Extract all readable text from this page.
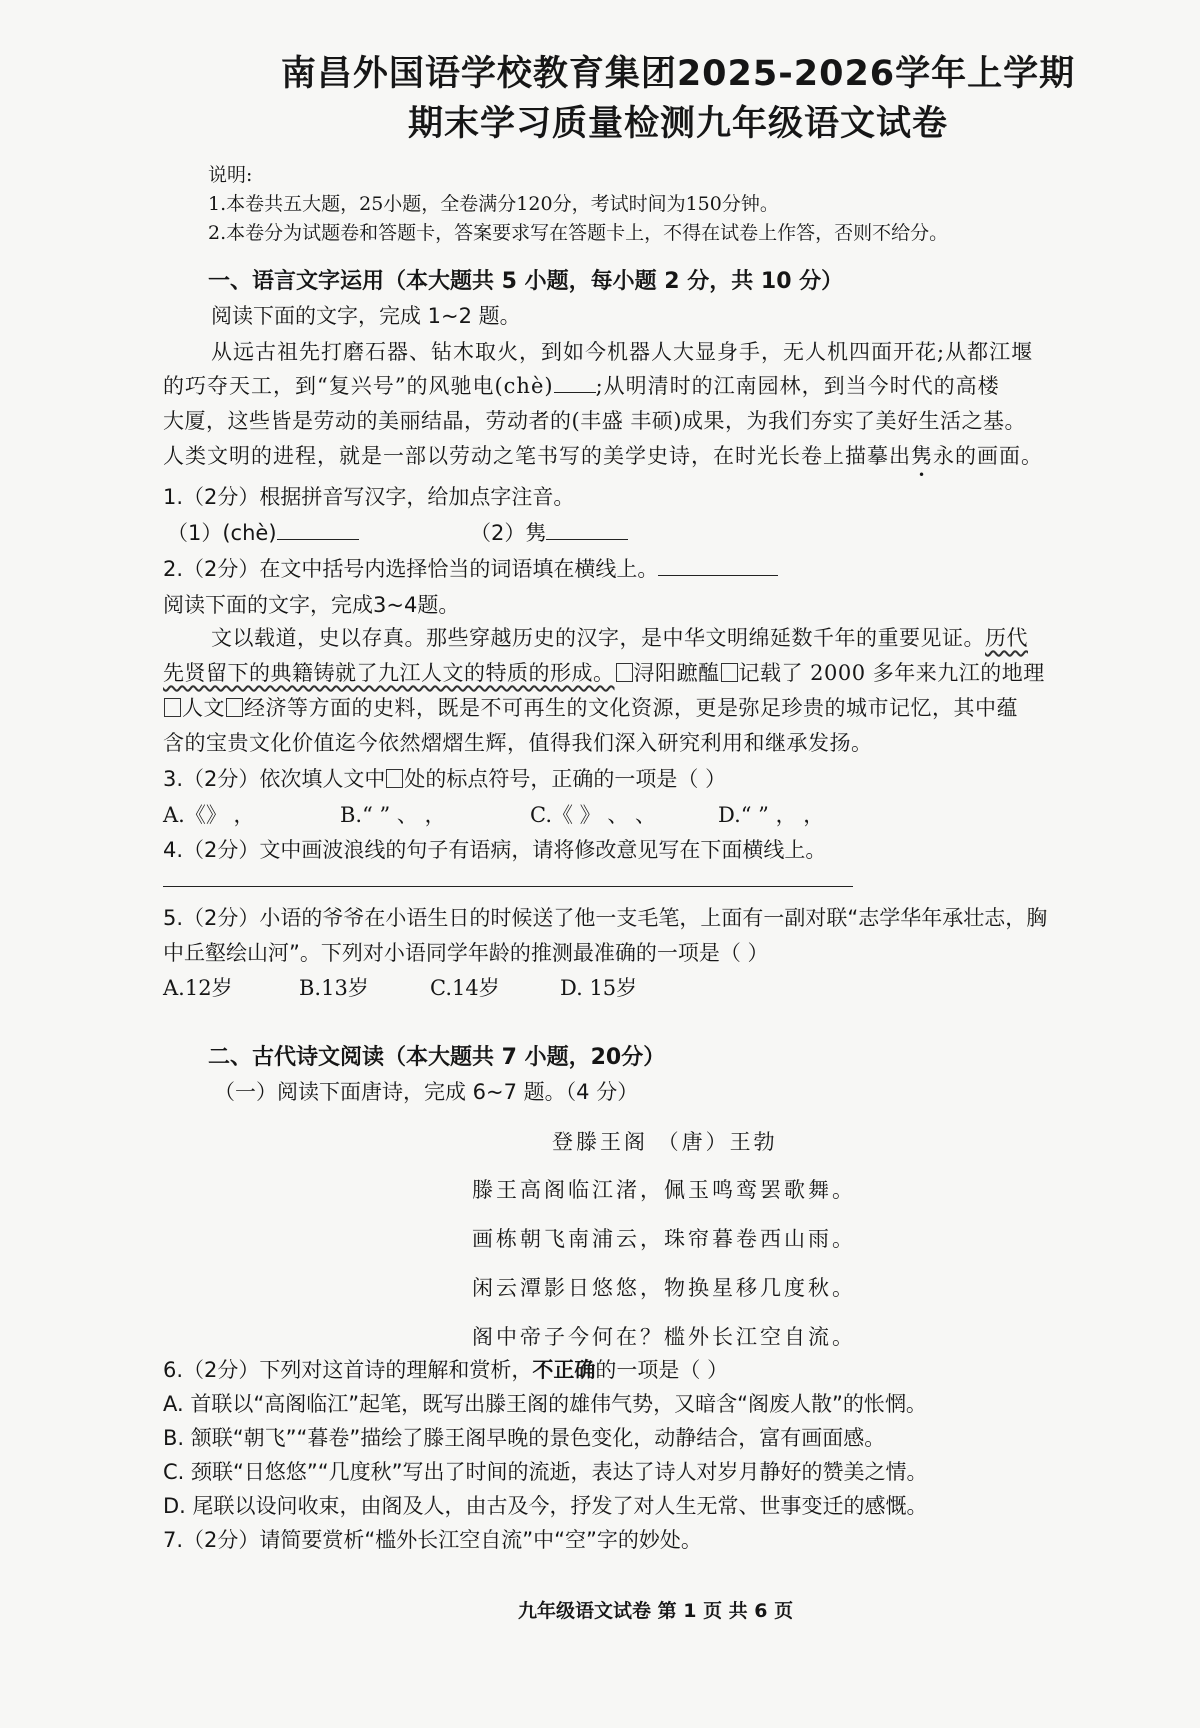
南昌外国语学校教育集团2025-2026学年上学期
期末学习质量检测九年级语文试卷
说明:
1.本卷共五大题，25小题，全卷满分120分，考试时间为150分钟。
2.本卷分为试题卷和答题卡，答案要求写在答题卡上，不得在试卷上作答，否则不给分。
一、语言文字运用（本大题共 5 小题，每小题 2 分，共 10 分）
阅读下面的文字，完成 1~2 题。
从远古祖先打磨石器、钻木取火，到如今机器人大显身手，无人机四面开花;从都江堰
的巧夺天工，到“复兴号”的风驰电(chè) ;从明清时的江南园林，到当今时代的高楼
大厦，这些皆是劳动的美丽结晶，劳动者的(丰盛 丰硕)成果，为我们夯实了美好生活之基。
人类文明的进程，就是一部以劳动之笔书写的美学史诗，在时光长卷上描摹出隽永的画面。
1.（2分）根据拼音写汉字，给加点字注音。
（1）(chè)	（2）隽
2.（2分）在文中括号内选择恰当的词语填在横线上。
阅读下面的文字，完成3~4题。
文以载道，史以存真。那些穿越历史的汉字，是中华文明绵延数千年的重要见证。历代
先贤留下的典籍铸就了九江人文的特质的形成。 浔阳蹠醢 记载了 2000 多年来九江的地理
人文 经济等方面的史料，既是不可再生的文化资源，更是弥足珍贵的城市记忆，其中蕴
含的宝贵文化价值迄今依然熠熠生辉，值得我们深入研究利用和继承发扬。
3.（2分）依次填人文中 处的标点符号，正确的一项是（ ）
A.《》 ，	B.“ ” 、 ，	C.《 》 、 、	D.“ ” ， ，
4.（2分）文中画波浪线的句子有语病，请将修改意见写在下面横线上。
5.（2分）小语的爷爷在小语生日的时候送了他一支毛笔，上面有一副对联“志学华年承壮志，胸
中丘壑绘山河”。下列对小语同学年龄的推测最准确的一项是（ ）
A.12岁	B.13岁	C.14岁	D. 15岁
二、古代诗文阅读（本大题共 7 小题，20分）
（一）阅读下面唐诗，完成 6~7 题。（4 分）
登滕王阁 （唐）王勃
滕王高阁临江渚，佩玉鸣鸾罢歌舞。
画栋朝飞南浦云，珠帘暮卷西山雨。
闲云潭影日悠悠，物换星移几度秋。
阁中帝子今何在？槛外长江空自流。
6.（2分）下列对这首诗的理解和赏析，不正确的一项是（ ）
A. 首联以“高阁临江”起笔，既写出滕王阁的雄伟气势，又暗含“阁废人散”的怅惘。
B. 颔联“朝飞”“暮卷”描绘了滕王阁早晚的景色变化，动静结合，富有画面感。
C. 颈联“日悠悠”“几度秋”写出了时间的流逝，表达了诗人对岁月静好的赞美之情。
D. 尾联以设问收束，由阁及人，由古及今，抒发了对人生无常、世事变迁的感慨。
7.（2分）请简要赏析“槛外长江空自流”中“空”字的妙处。
九年级语文试卷 第 1 页 共 6 页
